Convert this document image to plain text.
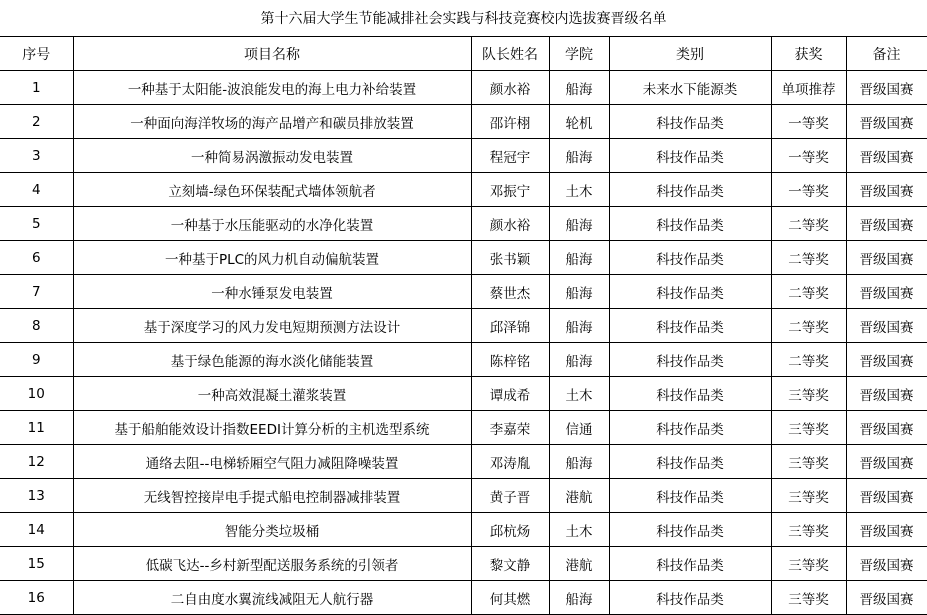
第十六届大学生节能减排社会实践与科技竞赛校内选拔赛晋级名单
序号	项目名称	队长姓名	学院	类别	获奖	备注
1	一种基于太阳能-波浪能发电的海上电力补给装置	颜水裕	船海	未来水下能源类	单项推荐	晋级国赛
2	一种面向海洋牧场的海产品增产和碳员排放装置	邵许栩	轮机	科技作品类	一等奖	晋级国赛
3	一种简易涡激振动发电装置	程冠宇	船海	科技作品类	一等奖	晋级国赛
4	立刻墙-绿色环保装配式墙体领航者	邓振宁	土木	科技作品类	一等奖	晋级国赛
5	一种基于水压能驱动的水净化装置	颜水裕	船海	科技作品类	二等奖	晋级国赛
6	一种基于PLC的风力机自动偏航装置	张书颖	船海	科技作品类	二等奖	晋级国赛
7	一种水锤泵发电装置	蔡世杰	船海	科技作品类	二等奖	晋级国赛
8	基于深度学习的风力发电短期预测方法设计	邱泽锦	船海	科技作品类	二等奖	晋级国赛
9	基于绿色能源的海水淡化储能装置	陈梓铭	船海	科技作品类	二等奖	晋级国赛
10	一种高效混凝土灌浆装置	谭成希	土木	科技作品类	三等奖	晋级国赛
11	基于船舶能效设计指数EEDI计算分析的主机选型系统	李嘉荣	信通	科技作品类	三等奖	晋级国赛
12	通络去阻--电梯轿厢空气阻力减阻降噪装置	邓涛胤	船海	科技作品类	三等奖	晋级国赛
13	无线智控接岸电手提式船电控制器减排装置	黄子晋	港航	科技作品类	三等奖	晋级国赛
14	智能分类垃圾桶	邱杭炀	土木	科技作品类	三等奖	晋级国赛
15	低碳飞达--乡村新型配送服务系统的引领者	黎文静	港航	科技作品类	三等奖	晋级国赛
16	二自由度水翼流线减阻无人航行器	何其燃	船海	科技作品类	三等奖	晋级国赛
